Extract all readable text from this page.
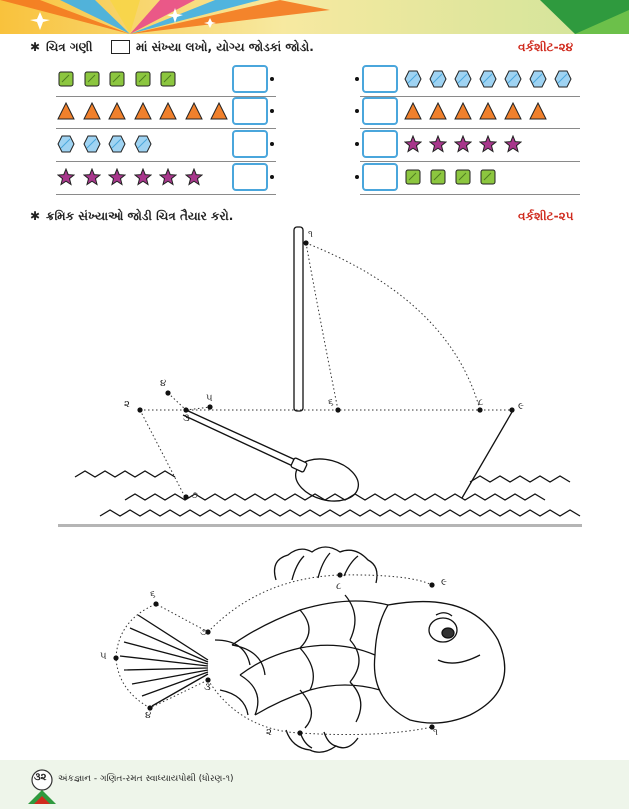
✱ ચિત્ર ગણી	માં સંખ્યા લખો, યોગ્ય જોડકાં જોડો.	વર્કશીટ-૨૪
✱ ક્રમિક સંખ્યાઓ જોડી ચિત્ર તૈયાર કરો.	વર્કશીટ-૨૫
૧
૨
૩
૪
૫	૬
૭
૮	૯
૧
૨
૩
૪
૫
૬
૭
૮	૯
૩૨ અંકજ્ઞાન - ગણિત-રમત સ્વાધ્યાયપોથી (ધોરણ-૧)
